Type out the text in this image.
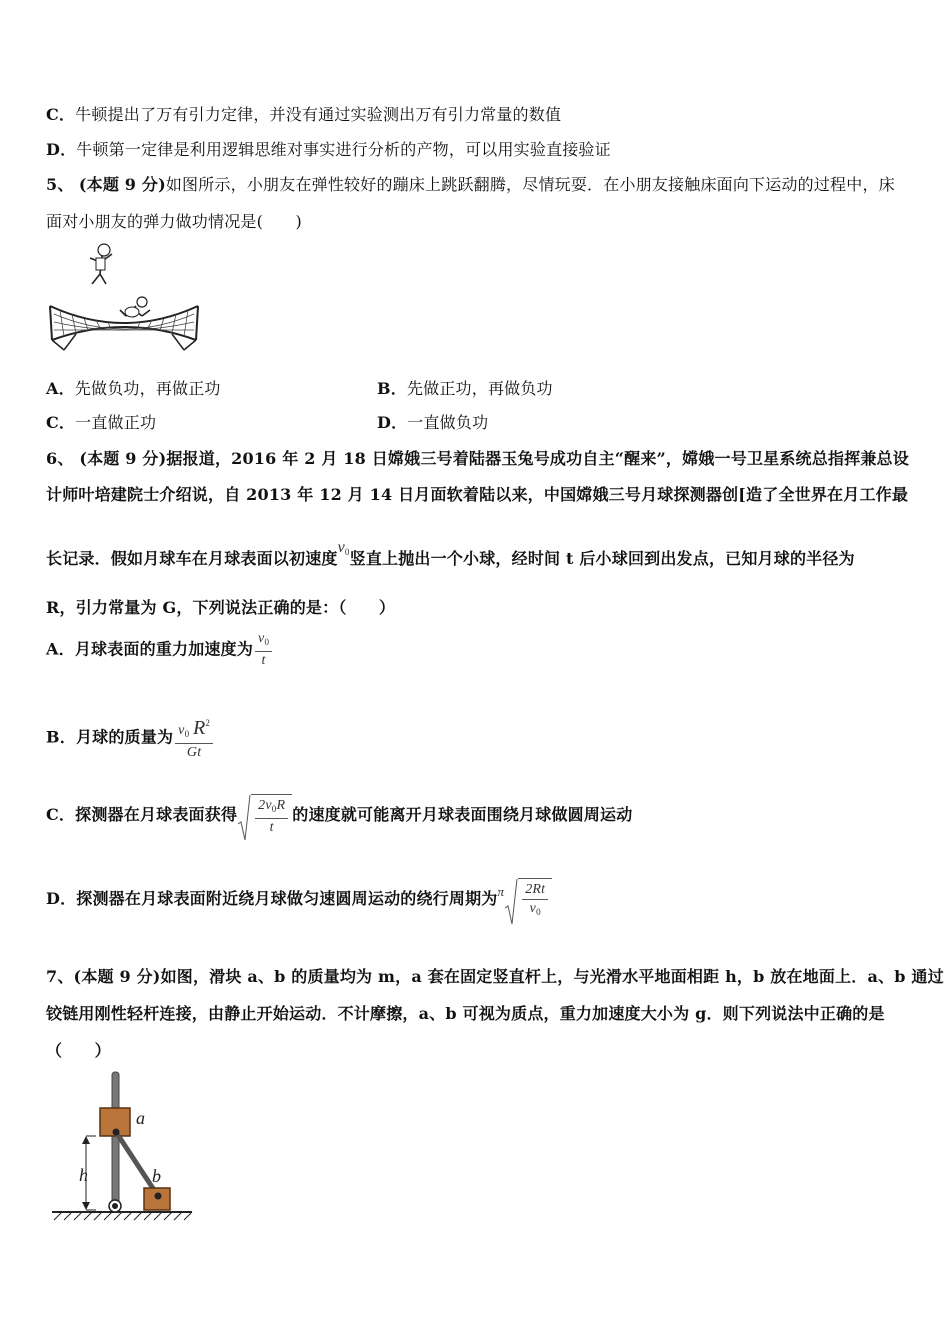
C．牛顿提出了万有引力定律，并没有通过实验测出万有引力常量的数值
D．牛顿第一定律是利用逻辑思维对事实进行分析的产物，可以用实验直接验证
5、 (本题 9 分)如图所示，小朋友在弹性较好的蹦床上跳跃翻腾，尽情玩耍．在小朋友接触床面向下运动的过程中，床
面对小朋友的弹力做功情况是(　　)
A．先做负功，再做正功	B．先做正功，再做负功
C．一直做正功	D．一直做负功
6、 (本题 9 分)据报道，2016 年 2 月 18 日嫦娥三号着陆器玉兔号成功自主“醒来”，嫦娥一号卫星系统总指挥兼总设
计师叶培建院士介绍说，自 2013 年 12 月 14 日月面软着陆以来，中国嫦娥三号月球探测器创[造了全世界在月工作最
长记录．假如月球车在月球表面以初速度$v_0$竖直上抛出一个小球，经时间 t 后小球回到出发点，已知月球的半径为
R，引力常量为 G，下列说法正确的是：（　　）
A．月球表面的重力加速度为 $\frac{v_0}{t}$
B．月球的质量为 $\frac{v_0 R^2}{Gt}$
C．探测器在月球表面获得 $\frac{2v_0R}{t}$ 的速度就可能离开月球表面围绕月球做圆周运动
D．探测器在月球表面附近绕月球做匀速圆周运动的绕行周期为$^\pi \frac{2Rt}{v_0}$
7、(本题 9 分)如图，滑块 a、b 的质量均为 m，a 套在固定竖直杆上，与光滑水平地面相距 h，b 放在地面上．a、b 通过
铰链用刚性轻杆连接，由静止开始运动．不计摩擦，a、b 可视为质点，重力加速度大小为 g．则下列说法中正确的是
（　　）
h
a
b
